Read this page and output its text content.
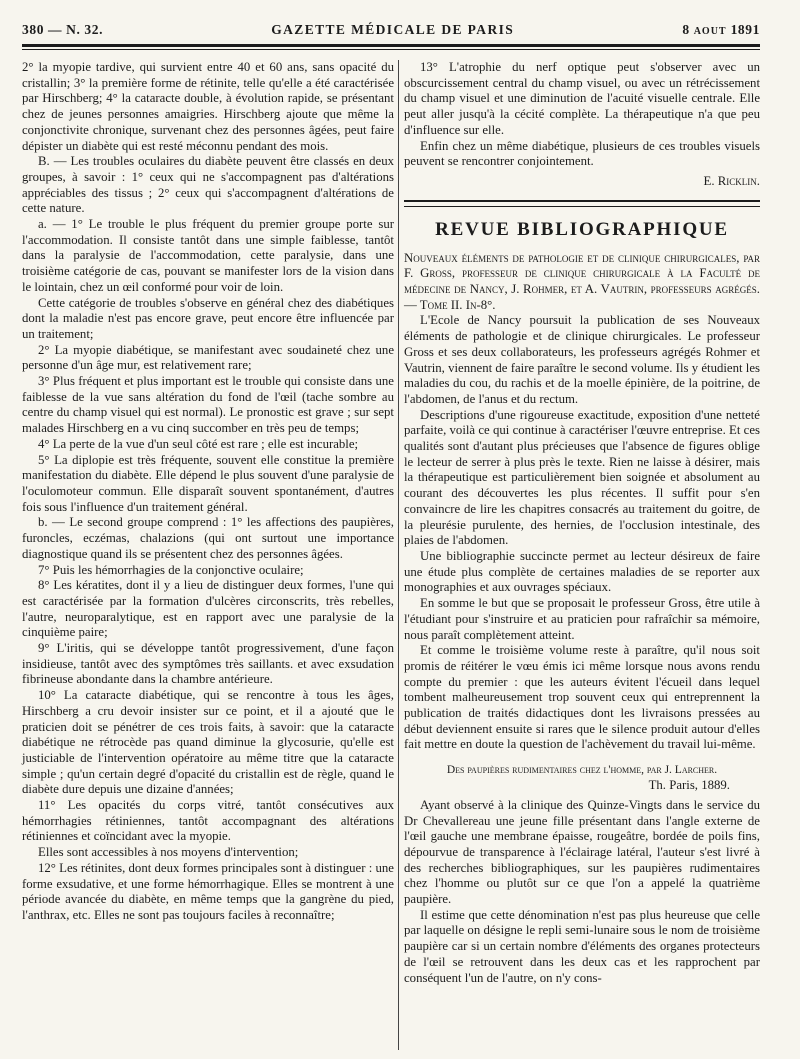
380 — N. 32.	GAZETTE MÉDICALE DE PARIS	8 AOUT 1891

2° la myopie tardive, qui survient entre 40 et 60 ans, sans opacité du cristallin; 3° la première forme de rétinite, telle qu'elle a été caractérisée par Hirschberg; 4° la cataracte double, à évolution rapide, se présentant chez de jeunes personnes amaigries. Hirschberg ajoute que même la conjonctivite chronique, survenant chez des personnes âgées, peut faire dépister un diabète qui est resté méconnu pendant des mois.

B. — Les troubles oculaires du diabète peuvent être classés en deux groupes, à savoir : 1° ceux qui ne s'accompagnent pas d'altérations appréciables des tissus ; 2° ceux qui s'accompagnent d'altérations de cette nature.

a. — 1° Le trouble le plus fréquent du premier groupe porte sur l'accommodation. Il consiste tantôt dans une simple faiblesse, tantôt dans la paralysie de l'accommodation, cette paralysie, dans une troisième catégorie de cas, pouvant se manifester lors de la vision dans le lointain, chez un œil conformé pour voir de loin.

Cette catégorie de troubles s'observe en général chez des diabétiques dont la maladie n'est pas encore grave, peut encore être influencée par un traitement;

2° La myopie diabétique, se manifestant avec soudaineté chez une personne d'un âge mur, est relativement rare;

3° Plus fréquent et plus important est le trouble qui consiste dans une faiblesse de la vue sans altération du fond de l'œil (tache sombre au centre du champ visuel qui est normal). Le pronostic est grave ; sur sept malades Hirschberg en a vu cinq succomber en très peu de temps;

4° La perte de la vue d'un seul côté est rare ; elle est incurable;

5° La diplopie est très fréquente, souvent elle constitue la première manifestation du diabète. Elle dépend le plus souvent d'une paralysie de l'oculomoteur commun. Elle disparaît souvent spontanément, d'autres fois sous l'influence d'un traitement général.

b. — Le second groupe comprend : 1° les affections des paupières, furoncles, eczémas, chalazions (qui ont surtout une importance diagnostique quand ils se présentent chez des personnes âgées.

7° Puis les hémorrhagies de la conjonctive oculaire;

8° Les kératites, dont il y a lieu de distinguer deux formes, l'une qui est caractérisée par la formation d'ulcères circonscrits, très rebelles, l'autre, neuroparalytique, est en rapport avec une paralysie de la cinquième paire;

9° L'iritis, qui se développe tantôt progressivement, d'une façon insidieuse, tantôt avec des symptômes très saillants. et avec exsudation fibrineuse abondante dans la chambre antérieure.

10° La cataracte diabétique, qui se rencontre à tous les âges, Hirschberg a cru devoir insister sur ce point, et il a ajouté que le praticien doit se pénétrer de ces trois faits, à savoir: que la cataracte diabétique ne rétrocède pas quand diminue la glycosurie, qu'elle est justiciable de l'intervention opératoire au même titre que la cataracte simple ; qu'un certain degré d'opacité du cristallin est de règle, quand le diabète dure depuis une dizaine d'années;

11° Les opacités du corps vitré, tantôt consécutives aux hémorrhagies rétiniennes, tantôt accompagnant des altérations rétiniennes et coïncidant avec la myopie.

Elles sont accessibles à nos moyens d'intervention;

12° Les rétinites, dont deux formes principales sont à distinguer : une forme exsudative, et une forme hémorrhagique. Elles se montrent à une période avancée du diabète, en même temps que la gangrène du pied, l'anthrax, etc. Elles ne sont pas toujours faciles à reconnaître;

13° L'atrophie du nerf optique peut s'observer avec un obscurcissement central du champ visuel, ou avec un rétrécissement du champ visuel et une diminution de l'acuité visuelle centrale. Elle peut aller jusqu'à la cécité complète. La thérapeutique n'a que peu d'influence sur elle.

Enfin chez un même diabétique, plusieurs de ces troubles visuels peuvent se rencontrer conjointement.

E. Ricklin.

REVUE BIBLIOGRAPHIQUE

Nouveaux éléments de pathologie et de clinique chirurgicales, par F. Gross, professeur de clinique chirurgicale à la Faculté de médecine de Nancy, J. Rohmer, et A. Vautrin, professeurs agrégés. — Tome II. In-8°.

L'Ecole de Nancy poursuit la publication de ses Nouveaux éléments de pathologie et de clinique chirurgicales. Le professeur Gross et ses deux collaborateurs, les professeurs agrégés Rohmer et Vautrin, viennent de faire paraître le second volume. Ils y étudient les maladies du cou, du rachis et de la moelle épinière, de la poitrine, de l'abdomen, de l'anus et du rectum.

Descriptions d'une rigoureuse exactitude, exposition d'une netteté parfaite, voilà ce qui continue à caractériser l'œuvre entreprise. Et ces qualités sont d'autant plus précieuses que l'absence de figures oblige le lecteur de serrer à plus près le texte. Rien ne laisse à désirer, mais la thérapeutique est particulièrement bien soignée et absolument au courant des découvertes les plus récentes. Il suffit pour s'en convaincre de lire les chapitres consacrés au traitement du goitre, de la pleurésie purulente, des hernies, de l'occlusion intestinale, des plaies de l'abdomen.

Une bibliographie succincte permet au lecteur désireux de faire une étude plus complète de certaines maladies de se reporter aux monographies et aux ouvrages spéciaux.

En somme le but que se proposait le professeur Gross, être utile à l'étudiant pour s'instruire et au praticien pour rafraîchir sa mémoire, nous paraît complètement atteint.

Et comme le troisième volume reste à paraître, qu'il nous soit promis de réitérer le vœu émis ici même lorsque nous avons rendu compte du premier : que les auteurs évitent l'écueil dans lequel tombent malheureusement trop souvent ceux qui entreprennent la publication de traités didactiques dont les livraisons pressées au début deviennent ensuite si rares que le silence produit autour d'elles fait mettre en doute la question de l'achèvement du travail lui-même.

Des paupières rudimentaires chez l'homme, par J. Larcher.

Th. Paris, 1889.

Ayant observé à la clinique des Quinze-Vingts dans le service du Dr Chevallereau une jeune fille présentant dans l'angle externe de l'œil gauche une membrane épaisse, rougeâtre, bordée de poils fins, dépourvue de transparence à l'éclairage latéral, l'auteur s'est livré à des recherches bibliographiques, sur les paupières rudimentaires chez l'homme ou plutôt sur ce que l'on a appelé la quatrième paupière.

Il estime que cette dénomination n'est pas plus heureuse que celle par laquelle on désigne le repli semi-lunaire sous le nom de troisième paupière car si un certain nombre d'éléments des organes protecteurs de l'œil se retrouvent dans les deux cas et les rapprochent par conséquent l'un de l'autre, on n'y cons-
